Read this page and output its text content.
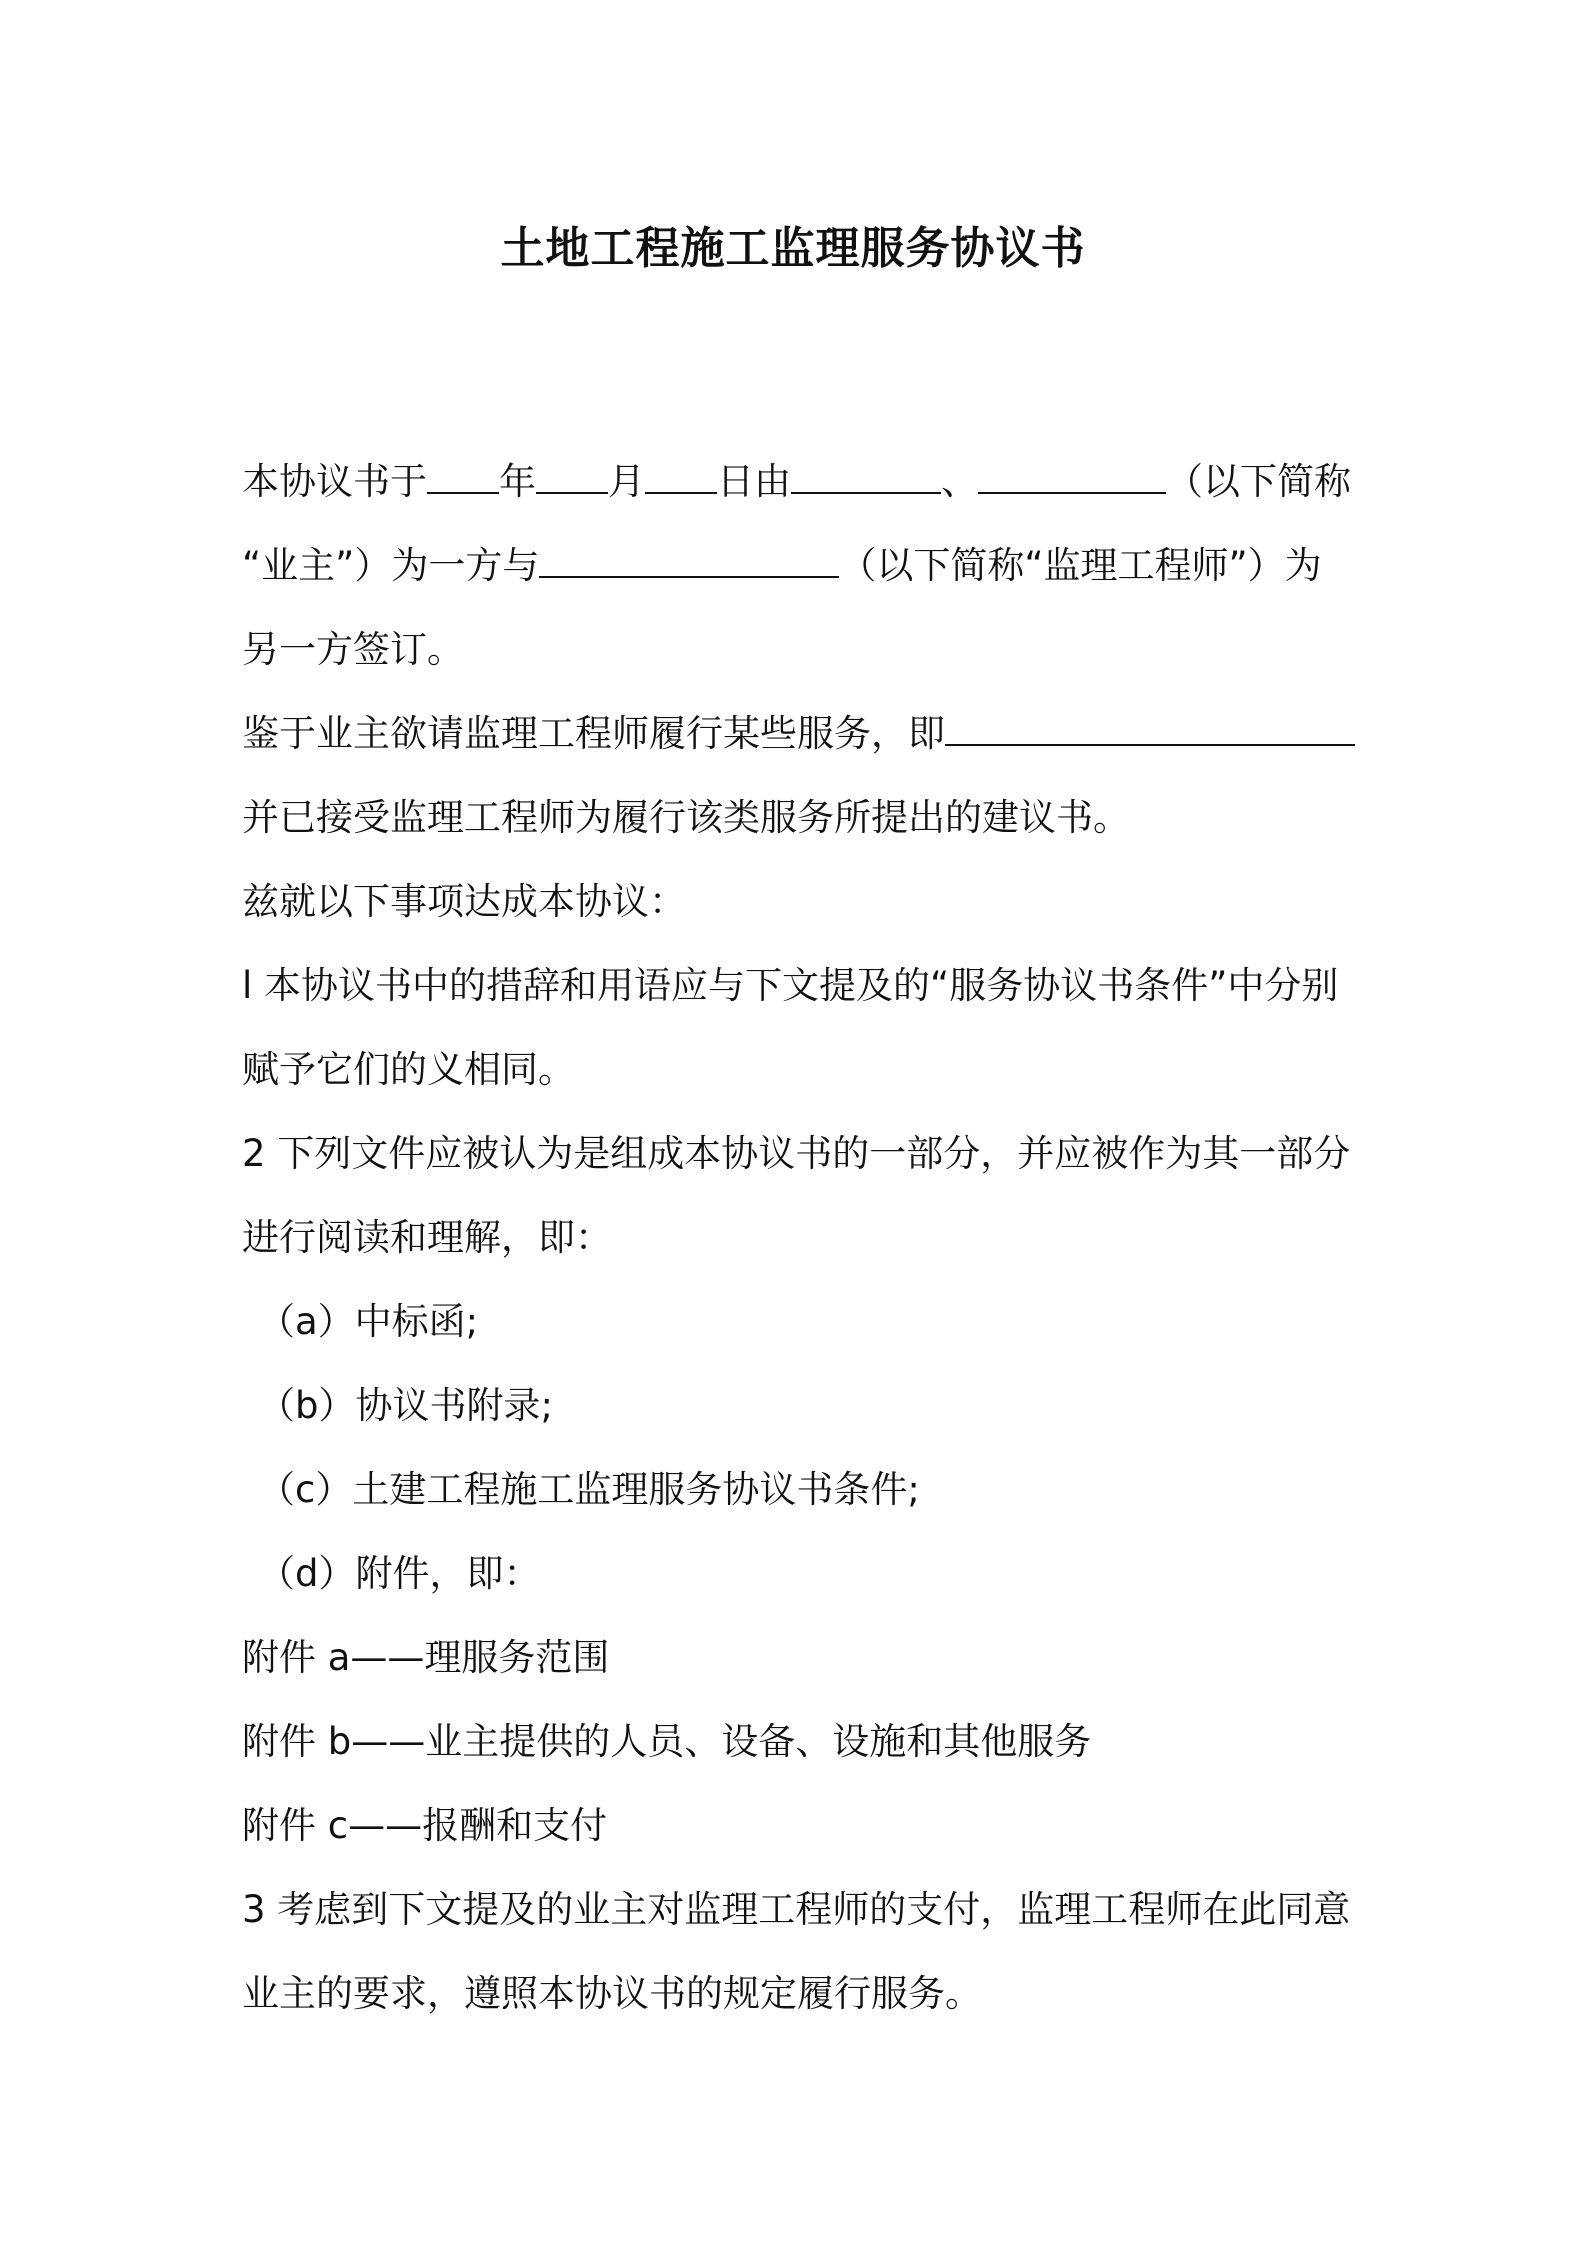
土地工程施工监理服务协议书

本协议书于 年 月 日由	、	（以下简称

“业主”）为一方与	（以下简称“监理工程师”）为

另一方签订。

鉴于业主欲请监理工程师履行某些服务，即

并已接受监理工程师为履行该类服务所提出的建议书。

兹就以下事项达成本协议：

l 本协议书中的措辞和用语应与下文提及的“服务协议书条件”中分别赋予它们的义相同。

2 下列文件应被认为是组成本协议书的一部分，并应被作为其一部分进行阅读和理解，即：

（a）中标函;

（b）协议书附录;

（c）土建工程施工监理服务协议书条件;

（d）附件，即：

附件 a——理服务范围

附件 b——业主提供的人员、设备、设施和其他服务

附件 c——报酬和支付

3 考虑到下文提及的业主对监理工程师的支付，监理工程师在此同意业主的要求，遵照本协议书的规定履行服务。
